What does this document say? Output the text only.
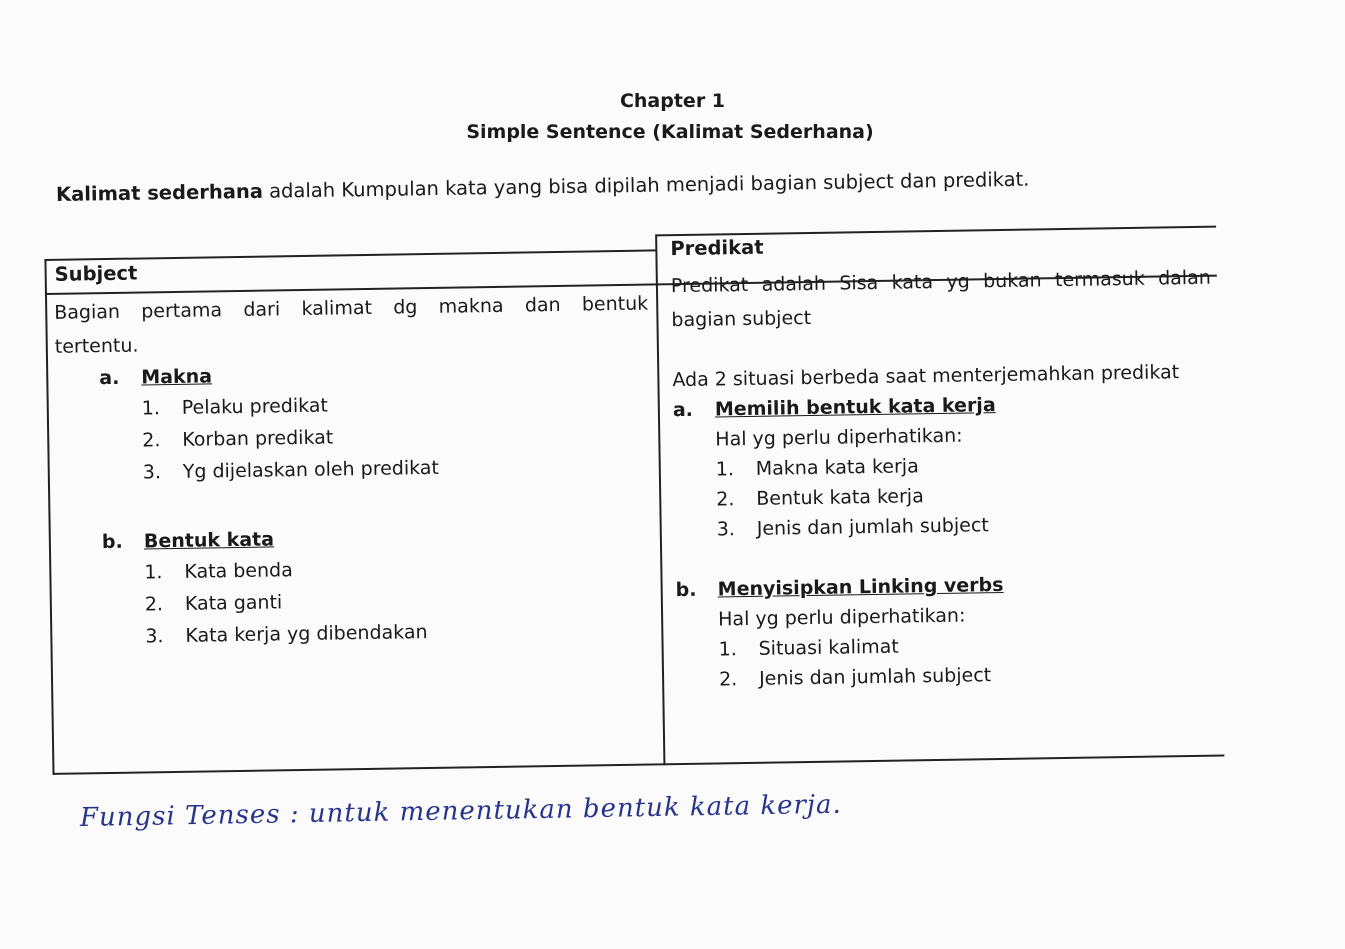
Chapter 1
Simple Sentence (Kalimat Sederhana)
Kalimat sederhana adalah Kumpulan kata yang bisa dipilah menjadi bagian subject dan predikat.
Subject
Predikat
Bagian pertama dari kalimat dg makna dan bentuk
tertentu.
a. Makna
1. Pelaku predikat
2. Korban predikat
3. Yg dijelaskan oleh predikat
b. Bentuk kata
1. Kata benda
2. Kata ganti
3. Kata kerja yg dibendakan
Predikat adalah Sisa kata yg bukan termasuk dalan
bagian subject
Ada 2 situasi berbeda saat menterjemahkan predikat
a. Memilih bentuk kata kerja
Hal yg perlu diperhatikan:
1. Makna kata kerja
2. Bentuk kata kerja
3. Jenis dan jumlah subject
b. Menyisipkan Linking verbs
Hal yg perlu diperhatikan:
1. Situasi kalimat
2. Jenis dan jumlah subject
Fungsi Tenses : untuk menentukan bentuk kata kerja.
